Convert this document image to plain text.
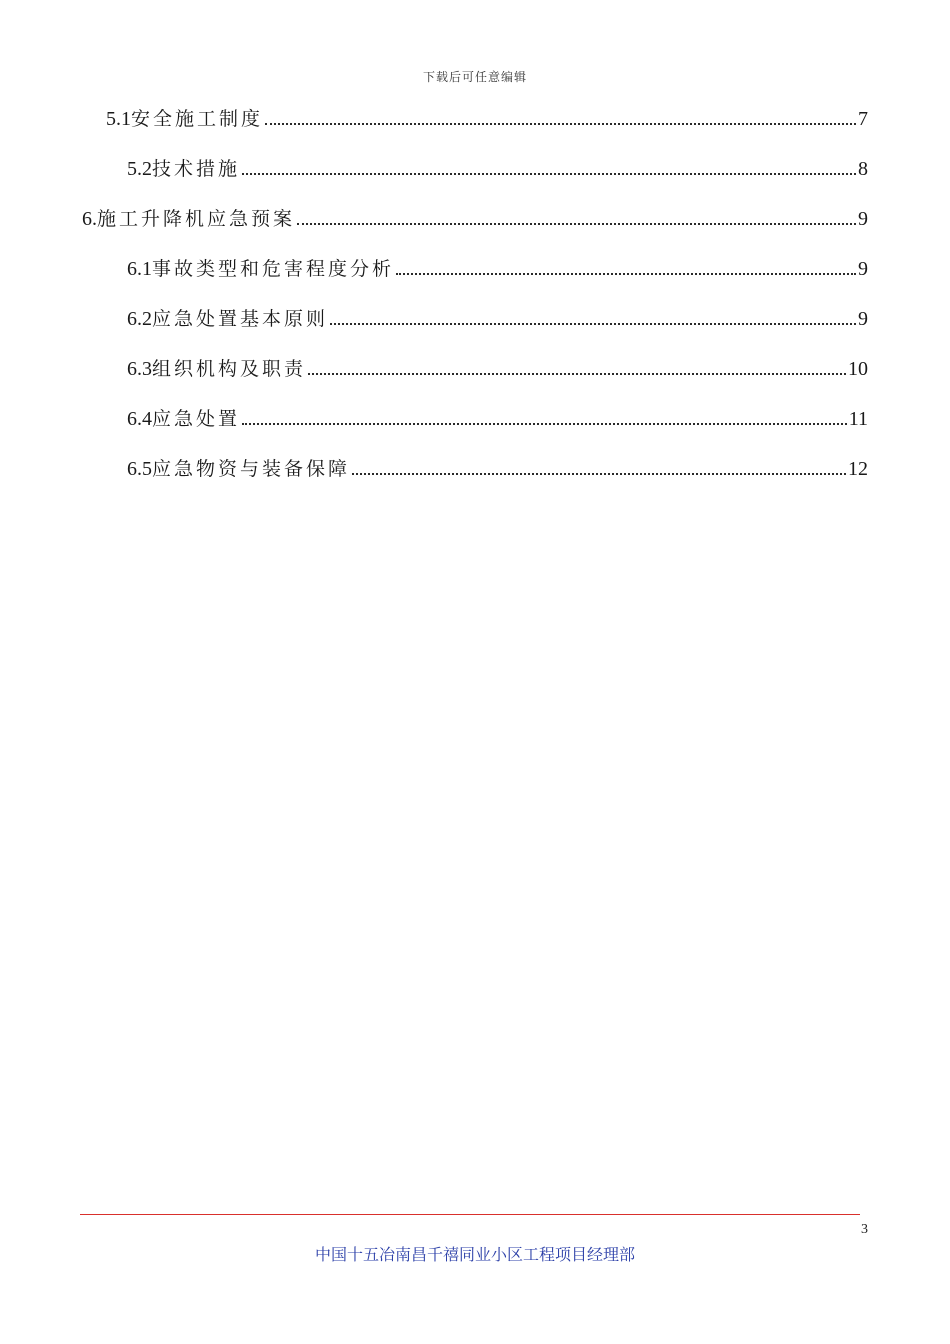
下载后可任意编辑
5.1 安全施工制度	7
5.2 技术措施	8
6. 施工升降机应急预案	9
6.1 事故类型和危害程度分析	9
6.2 应急处置基本原则	9
6.3 组织机构及职责	10
6.4 应急处置	11
6.5 应急物资与装备保障	12
3
中国十五冶南昌千禧同业小区工程项目经理部
